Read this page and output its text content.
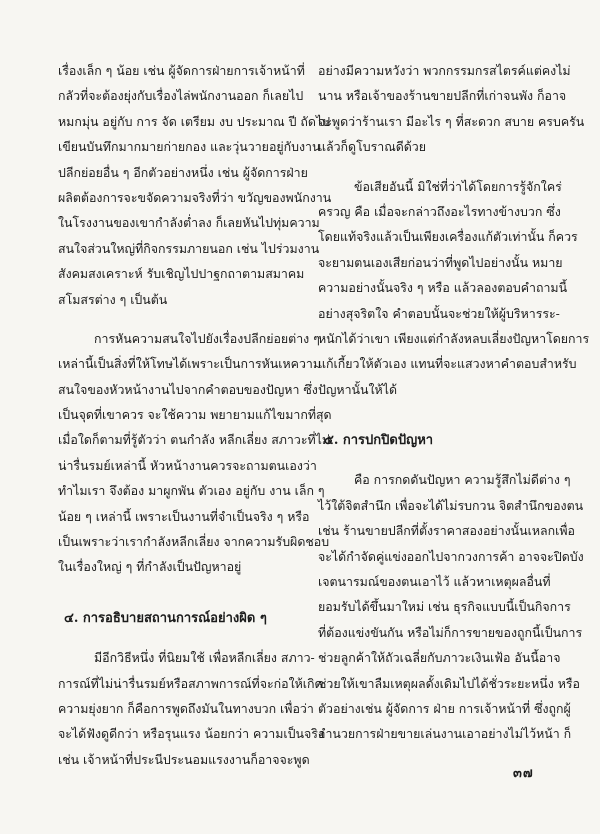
เรื่องเล็ก ๆ น้อย เช่น ผู้จัดการฝ่ายการเจ้าหน้าที่
กลัวที่จะต้องยุ่งกับเรื่องไล่พนักงานออก ก็เลยไป
หมกมุ่น อยู่กับ การ จัด เตรียม งบ ประมาณ ปี ถัดไป
เขียนบันทึกมากมายก่ายกอง และวุ่นวายอยู่กับงาน
ปลีกย่อยอื่น ๆ อีกตัวอย่างหนึ่ง เช่น ผู้จัดการฝ่าย
ผลิตต้องการจะขจัดความจริงที่ว่า ขวัญของพนักงาน
ในโรงงานของเขากำลังต่ำลง ก็เลยหันไปทุ่มความ
สนใจส่วนใหญ่ที่กิจกรรมภายนอก เช่น ไปร่วมงาน
สังคมสงเคราะห์ รับเชิญไปปาฐกถาตามสมาคม
สโมสรต่าง ๆ เป็นต้น
การหันความสนใจไปยังเรื่องปลีกย่อยต่าง ๆ
เหล่านี้เป็นสิ่งที่ให้โทษได้เพราะเป็นการหันเหความ
สนใจของหัวหน้างานไปจากคำตอบของปัญหา ซึ่ง
เป็นจุดที่เขาควร จะใช้ความ พยายามแก้ไขมากที่สุด
เมื่อใดก็ตามที่รู้ตัวว่า ตนกำลัง หลีกเลี่ยง สภาวะที่ไม่
น่ารื่นรมย์เหล่านี้ หัวหน้างานควรจะถามตนเองว่า
ทำไมเรา จึงต้อง มาผูกพัน ตัวเอง อยู่กับ งาน เล็ก ๆ
น้อย ๆ เหล่านี้ เพราะเป็นงานที่จำเป็นจริง ๆ หรือ
เป็นเพราะว่าเรากำลังหลีกเลี่ยง จากความรับผิดชอบ
ในเรื่องใหญ่ ๆ ที่กำลังเป็นปัญหาอยู่
๔. การอธิบายสถานการณ์อย่างผิด ๆ
มีอีกวิธีหนึ่ง ที่นิยมใช้ เพื่อหลีกเลี่ยง สภาว-
การณ์ที่ไม่น่ารื่นรมย์หรือสภาพการณ์ที่จะก่อให้เกิด
ความยุ่งยาก ก็คือการพูดถึงมันในทางบวก เพื่อว่า
จะได้ฟังดูดีกว่า หรือรุนแรง น้อยกว่า ความเป็นจริง
เช่น เจ้าหน้าที่ประนีประนอมแรงงานก็อาจจะพูด
อย่างมีความหวังว่า พวกกรรมกรสไตรค์แต่คงไม่
นาน หรือเจ้าของร้านขายปลีกที่เก่าจนพัง ก็อาจ
จะพูดว่าร้านเรา มีอะไร ๆ ที่สะดวก สบาย ครบครัน
แล้วก็ดูโบราณดีด้วย
ข้อเสียอันนี้ มิใช่ที่ว่าได้โดยการรู้จักใคร่
ครวญ คือ เมื่อจะกล่าวถึงอะไรทางข้างบวก ซึ่ง
โดยแท้จริงแล้วเป็นเพียงเครื่องแก้ตัวเท่านั้น ก็ควร
จะยามตนเองเสียก่อนว่าที่พูดไปอย่างนั้น หมาย
ความอย่างนั้นจริง ๆ หรือ แล้วลองตอบคำถามนี้
อย่างสุจริตใจ คำตอบนั้นจะช่วยให้ผู้บริหารระ-
หนักได้ว่าเขา เพียงแต่กำลังหลบเลี่ยงปัญหาโดยการ
แก้เกี้ยวให้ตัวเอง แทนที่จะแสวงหาคำตอบสำหรับ
ปัญหานั้นให้ได้
๕. การปกปิดปัญหา
คือ การกดดันปัญหา ความรู้สึกไม่ดีต่าง ๆ
ไว้ใต้จิตสำนึก เพื่อจะได้ไม่รบกวน จิตสำนึกของตน
เช่น ร้านขายปลีกที่ตั้งราคาสองอย่างนั้นเหลกเพื่อ
จะได้กำจัดคู่แข่งออกไปจากวงการค้า อาจจะปิดบัง
เจตนารมณ์ของตนเอาไว้ แล้วหาเหตุผลอื่นที่
ยอมรับได้ขึ้นมาใหม่ เช่น ธุรกิจแบบนี้เป็นกิจการ
ที่ต้องแข่งขันกัน หรือไม่ก็การขายของถูกนี้เป็นการ
ช่วยลูกค้าให้ถัวเฉลี่ยกับภาวะเงินเฟ้อ อันนี้อาจ
ช่วยให้เขาลืมเหตุผลดั้งเดิมไปได้ชั่วระยะหนึ่ง หรือ
ตัวอย่างเช่น ผู้จัดการ ฝ่าย การเจ้าหน้าที่ ซึ่งถูกผู้
อำนวยการฝ่ายขายเล่นงานเอาอย่างไม่ไว้หน้า ก็
๓๗
